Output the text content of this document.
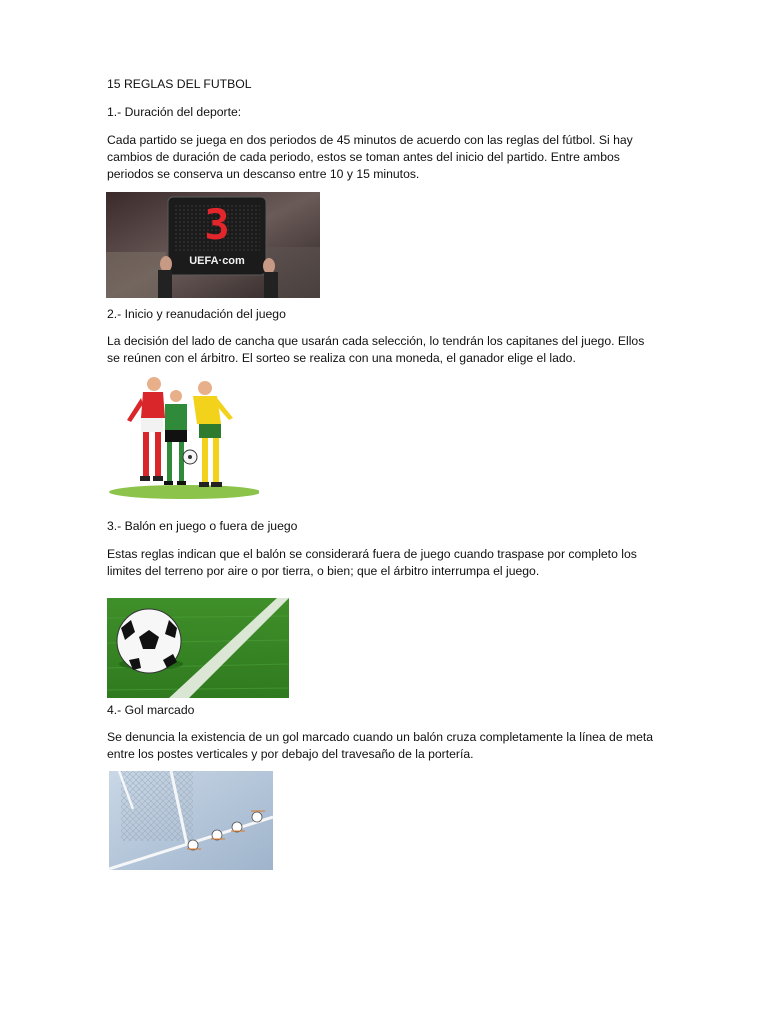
15 REGLAS DEL FUTBOL
1.- Duración del deporte:
Cada partido se juega en dos periodos de 45 minutos de acuerdo con las reglas del fútbol. Si hay cambios de duración de cada periodo, estos se toman antes del inicio del partido. Entre ambos periodos se conserva un descanso entre 10 y 15 minutos.
3
UEFA·com
2.- Inicio y reanudación del juego
La decisión del lado de cancha que usarán cada selección, lo tendrán los capitanes del juego. Ellos se reúnen con el árbitro. El sorteo se realiza con una moneda, el ganador elige el lado.
3.- Balón en juego o fuera de juego
Estas reglas indican que el balón se considerará fuera de juego cuando traspase por completo los limites del terreno por aire o por tierra, o bien; que el árbitro interrumpa el juego.
4.- Gol marcado
Se denuncia la existencia de un gol marcado cuando un balón cruza completamente la línea de meta entre los postes verticales y por debajo del travesaño de la portería.
